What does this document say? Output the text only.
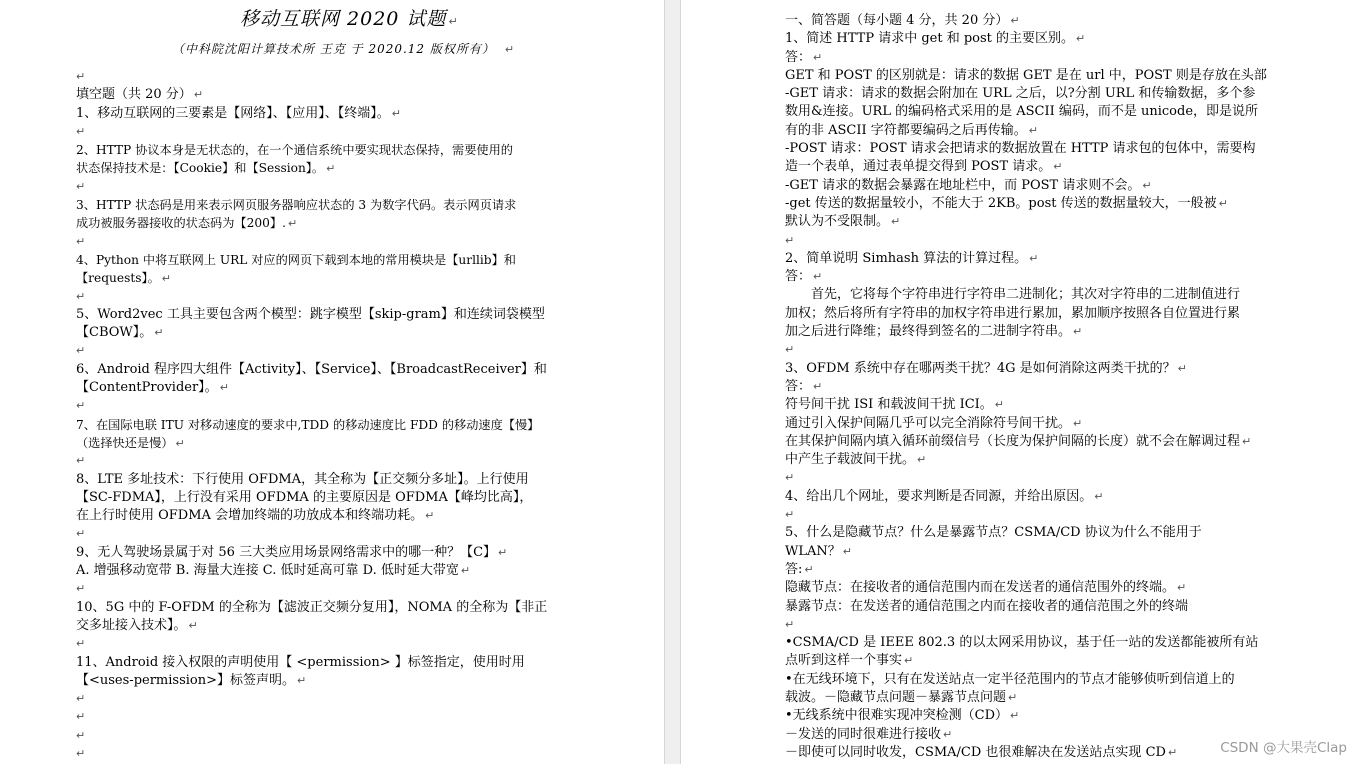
移动互联网 2020 试题 ↵
（中科院沈阳计算技术所 王克 于 2020.12 版权所有） ↵
↵
填空题（共 20 分） ↵
1、移动互联网的三要素是【网络】、【应用】、【终端】。 ↵
↵
2、HTTP 协议本身是无状态的，在一个通信系统中要实现状态保持，需要使用的
状态保持技术是：【Cookie】和【Session】。 ↵
↵
3、HTTP 状态码是用来表示网页服务器响应状态的 3 为数字代码。表示网页请求
成功被服务器接收的状态码为【200】. ↵
↵
4、Python 中将互联网上 URL 对应的网页下载到本地的常用模块是【urllib】和
【requests】。 ↵
↵
5、Word2vec 工具主要包含两个模型：跳字模型【skip-gram】和连续词袋模型
【CBOW】。 ↵
↵
6、Android 程序四大组件【Activity】、【Service】、【BroadcastReceiver】和
【ContentProvider】。 ↵
↵
7、在国际电联 ITU 对移动速度的要求中,TDD 的移动速度比 FDD 的移动速度【慢】
（选择快还是慢） ↵
↵
8、LTE 多址技术：下行使用 OFDMA，其全称为【正交频分多址】。上行使用
【SC-FDMA】，上行没有采用 OFDMA 的主要原因是 OFDMA【峰均比高】，
在上行时使用 OFDMA 会增加终端的功放成本和终端功耗。 ↵
↵
9、无人驾驶场景属于对 56 三大类应用场景网络需求中的哪一种？【C】 ↵
A. 增强移动宽带 B. 海量大连接 C. 低时延高可靠 D. 低时延大带宽 ↵
↵
10、5G 中的 F-OFDM 的全称为【滤波正交频分复用】，NOMA 的全称为【非正
交多址接入技术】。 ↵
↵
11、Android 接入权限的声明使用【 <permission> 】标签指定，使用时用
【<uses-permission>】标签声明。 ↵
↵
↵
↵
↵
一、简答题（每小题 4 分，共 20 分） ↵
1、简述 HTTP 请求中 get 和 post 的主要区别。 ↵
答： ↵
GET 和 POST 的区别就是：请求的数据 GET 是在 url 中，POST 则是存放在头部
-GET 请求：请求的数据会附加在 URL 之后，以?分割 URL 和传输数据，多个参
数用&连接。URL 的编码格式采用的是 ASCII 编码，而不是 unicode，即是说所
有的非 ASCII 字符都要编码之后再传输。 ↵
-POST 请求：POST 请求会把请求的数据放置在 HTTP 请求包的包体中，需要构
造一个表单，通过表单提交得到 POST 请求。 ↵
-GET 请求的数据会暴露在地址栏中，而 POST 请求则不会。 ↵
-get 传送的数据量较小，不能大于 2KB。post 传送的数据量较大，一般被 ↵
默认为不受限制。 ↵
↵
2、简单说明 Simhash 算法的计算过程。 ↵
答： ↵
首先，它将每个字符串进行字符串二进制化；其次对字符串的二进制值进行
加权；然后将所有字符串的加权字符串进行累加，累加顺序按照各自位置进行累
加之后进行降维；最终得到签名的二进制字符串。 ↵
↵
3、OFDM 系统中存在哪两类干扰？4G 是如何消除这两类干扰的？ ↵
答： ↵
符号间干扰 ISI 和载波间干扰 ICI。 ↵
通过引入保护间隔几乎可以完全消除符号间干扰。 ↵
在其保护间隔内填入循环前缀信号（长度为保护间隔的长度）就不会在解调过程 ↵
中产生子载波间干扰。 ↵
↵
4、给出几个网址，要求判断是否同源，并给出原因。 ↵
↵
5、什么是隐藏节点？什么是暴露节点？CSMA/CD 协议为什么不能用于
WLAN？ ↵
答: ↵
隐藏节点：在接收者的通信范围内而在发送者的通信范围外的终端。 ↵
暴露节点：在发送者的通信范围之内而在接收者的通信范围之外的终端
↵
•CSMA/CD 是 IEEE 802.3 的以太网采用协议，基于任一站的发送都能被所有站
点听到这样一个事实 ↵
•在无线环境下，只有在发送站点一定半径范围内的节点才能够侦听到信道上的
载波。－隐藏节点问题－暴露节点问题 ↵
•无线系统中很难实现冲突检测（CD） ↵
－发送的同时很难进行接收 ↵
－即使可以同时收发，CSMA/CD 也很难解决在发送站点实现 CD ↵	CSDN @大果壳Clap
